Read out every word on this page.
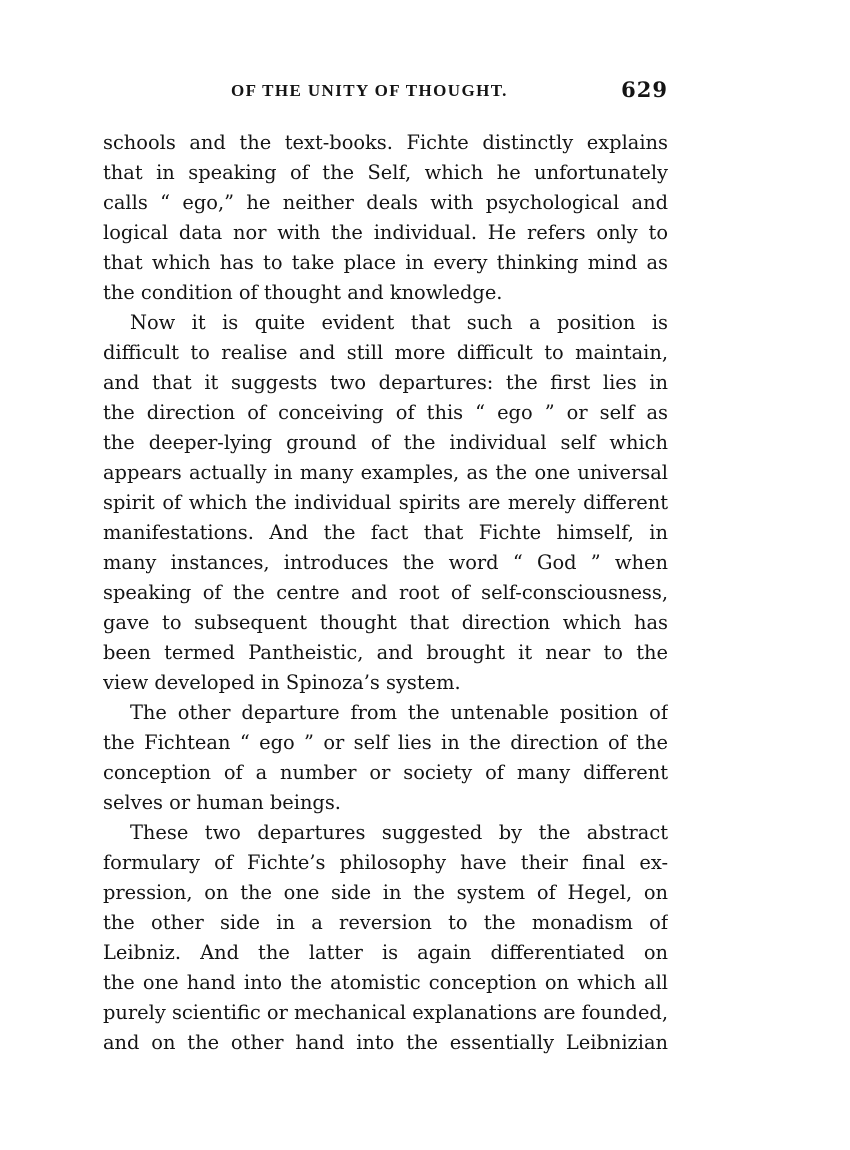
OF THE UNITY OF THOUGHT.	629
schools and the text-books. Fichte distinctly explains
that in speaking of the Self, which he unfortunately
calls “ ego,” he neither deals with psychological and
logical data nor with the individual. He refers only to
that which has to take place in every thinking mind as
the condition of thought and knowledge.
Now it is quite evident that such a position is
difficult to realise and still more difficult to maintain,
and that it suggests two departures: the first lies in
the direction of conceiving of this “ ego ” or self as
the deeper-lying ground of the individual self which
appears actually in many examples, as the one universal
spirit of which the individual spirits are merely different
manifestations. And the fact that Fichte himself, in
many instances, introduces the word “ God ” when
speaking of the centre and root of self-consciousness,
gave to subsequent thought that direction which has
been termed Pantheistic, and brought it near to the
view developed in Spinoza’s system.
The other departure from the untenable position of
the Fichtean “ ego ” or self lies in the direction of the
conception of a number or society of many different
selves or human beings.
These two departures suggested by the abstract
formulary of Fichte’s philosophy have their final ex-
pression, on the one side in the system of Hegel, on
the other side in a reversion to the monadism of
Leibniz. And the latter is again differentiated on
the one hand into the atomistic conception on which all
purely scientific or mechanical explanations are founded,
and on the other hand into the essentially Leibnizian
